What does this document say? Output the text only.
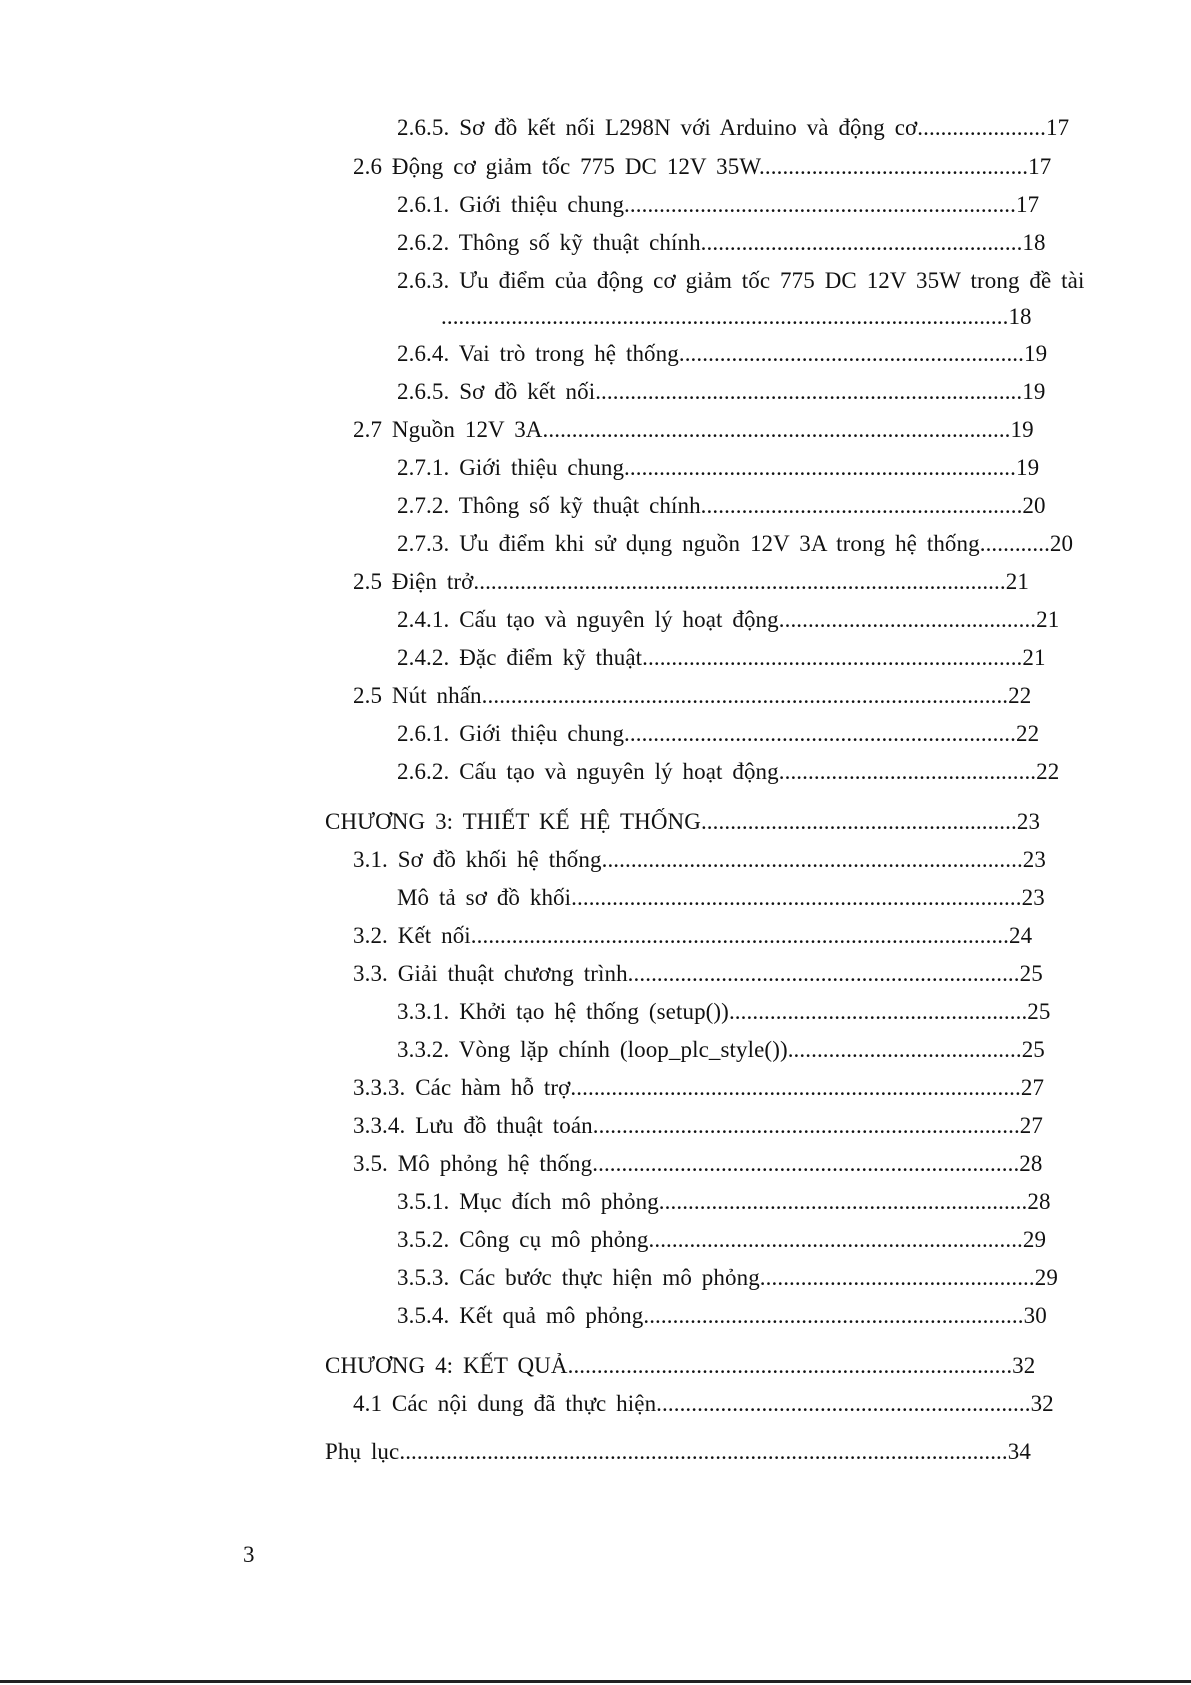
2.6.5. Sơ đồ kết nối L298N với Arduino và động cơ......................17
2.6 Động cơ giảm tốc 775 DC 12V 35W..............................................17
2.6.1. Giới thiệu chung...................................................................17
2.6.2. Thông số kỹ thuật chính.......................................................18
2.6.3. Ưu điểm của động cơ giảm tốc 775 DC 12V 35W trong đề tài
.................................................................................................18
2.6.4. Vai trò trong hệ thống...........................................................19
2.6.5. Sơ đồ kết nối.........................................................................19
2.7 Nguồn 12V 3A................................................................................19
2.7.1. Giới thiệu chung...................................................................19
2.7.2. Thông số kỹ thuật chính.......................................................20
2.7.3. Ưu điểm khi sử dụng nguồn 12V 3A trong hệ thống............20
2.5 Điện trở...........................................................................................21
2.4.1. Cấu tạo và nguyên lý hoạt động............................................21
2.4.2. Đặc điểm kỹ thuật.................................................................21
2.5 Nút nhấn..........................................................................................22
2.6.1. Giới thiệu chung...................................................................22
2.6.2. Cấu tạo và nguyên lý hoạt động............................................22
CHƯƠNG 3: THIẾT KẾ HỆ THỐNG......................................................23
3.1. Sơ đồ khối hệ thống........................................................................23
Mô tả sơ đồ khối.............................................................................23
3.2. Kết nối............................................................................................24
3.3. Giải thuật chương trình...................................................................25
3.3.1. Khởi tạo hệ thống (setup())...................................................25
3.3.2. Vòng lặp chính (loop_plc_style())........................................25
3.3.3. Các hàm hỗ trợ.............................................................................27
3.3.4. Lưu đồ thuật toán.........................................................................27
3.5. Mô phỏng hệ thống.........................................................................28
3.5.1. Mục đích mô phỏng...............................................................28
3.5.2. Công cụ mô phỏng................................................................29
3.5.3. Các bước thực hiện mô phỏng...............................................29
3.5.4. Kết quả mô phỏng.................................................................30
CHƯƠNG 4: KẾT QUẢ............................................................................32
4.1 Các nội dung đã thực hiện................................................................32
Phụ lục........................................................................................................34
3
